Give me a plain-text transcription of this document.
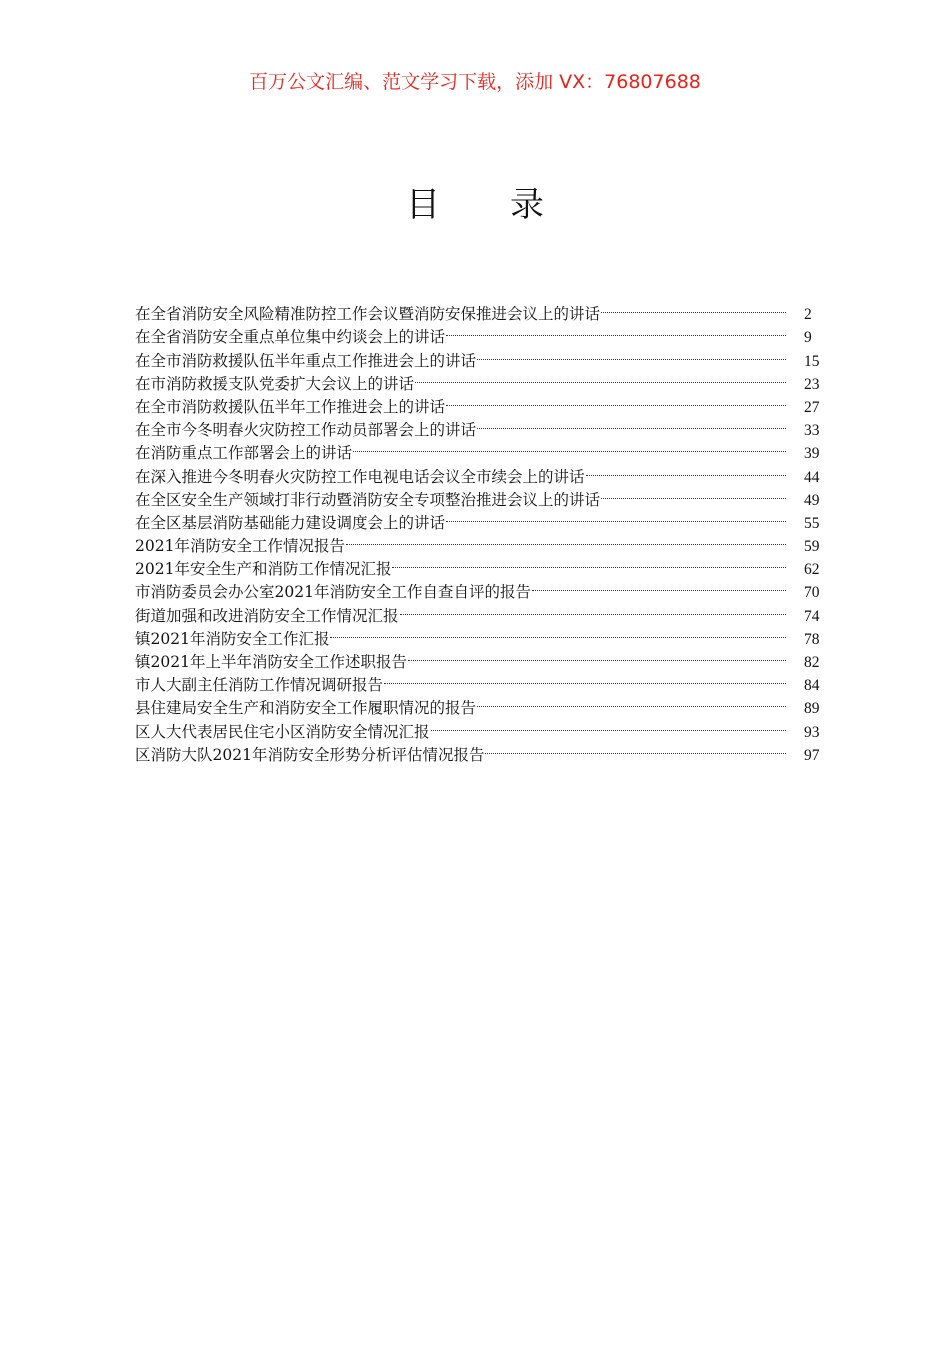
百万公文汇编、范文学习下载，添加 VX：76807688
目 录
在全省消防安全风险精准防控工作会议暨消防安保推进会议上的讲话	2
在全省消防安全重点单位集中约谈会上的讲话	9
在全市消防救援队伍半年重点工作推进会上的讲话	15
在市消防救援支队党委扩大会议上的讲话	23
在全市消防救援队伍半年工作推进会上的讲话	27
在全市今冬明春火灾防控工作动员部署会上的讲话	33
在消防重点工作部署会上的讲话	39
在深入推进今冬明春火灾防控工作电视电话会议全市续会上的讲话	44
在全区安全生产领域打非行动暨消防安全专项整治推进会议上的讲话	49
在全区基层消防基础能力建设调度会上的讲话	55
2021年消防安全工作情况报告	59
2021年安全生产和消防工作情况汇报	62
市消防委员会办公室2021年消防安全工作自查自评的报告	70
街道加强和改进消防安全工作情况汇报	74
镇2021年消防安全工作汇报	78
镇2021年上半年消防安全工作述职报告	82
市人大副主任消防工作情况调研报告	84
县住建局安全生产和消防安全工作履职情况的报告	89
区人大代表居民住宅小区消防安全情况汇报	93
区消防大队2021年消防安全形势分析评估情况报告	97
